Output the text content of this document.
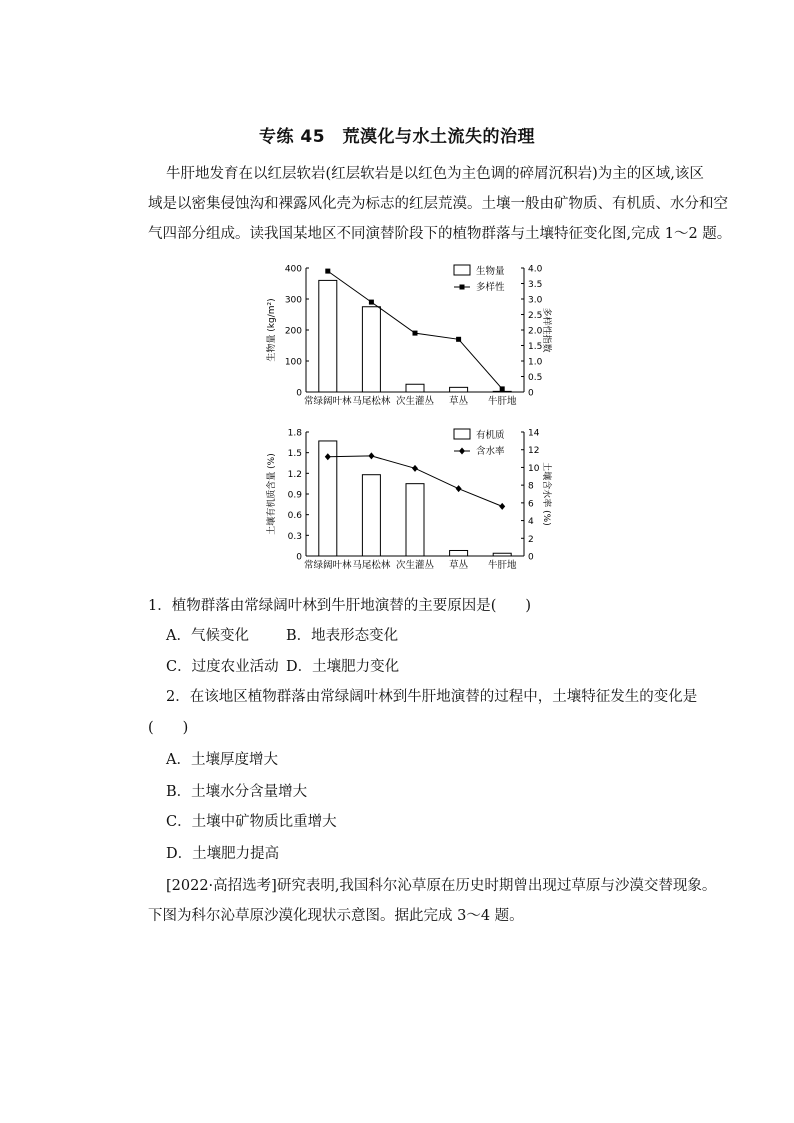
专练 45　荒漠化与水土流失的治理
牛肝地发育在以红层软岩(红层软岩是以红色为主色调的碎屑沉积岩)为主的区域,该区
域是以密集侵蚀沟和裸露风化壳为标志的红层荒漠。土壤一般由矿物质、有机质、水分和空
气四部分组成。读我国某地区不同演替阶段下的植物群落与土壤特征变化图,完成 1～2 题。
400
300
200
100
0
4.0
3.5
3.0
2.5
2.0
1.5
1.0
0.5
0
生物量 (kg/m²)	多样性指数
常绿阔叶林 马尾松林 次生灌丛 草丛 牛肝地
生物量
多样性
1.8
1.5
1.2
0.9
0.6
0.3
0
14
12
10
8
6
4
2
0
土壤有机质含量 (%)	土壤含水率 (%)
常绿阔叶林 马尾松林 次生灌丛 草丛 牛肝地
有机质
含水率
1．植物群落由常绿阔叶林到牛肝地演替的主要原因是(　　)
A．气候变化	B．地表形态变化
C．过度农业活动 D．土壤肥力变化
2．在该地区植物群落由常绿阔叶林到牛肝地演替的过程中，土壤特征发生的变化是
(　　)
A．土壤厚度增大
B．土壤水分含量增大
C．土壤中矿物质比重增大
D．土壤肥力提高
[2022·高招选考]研究表明,我国科尔沁草原在历史时期曾出现过草原与沙漠交替现象。
下图为科尔沁草原沙漠化现状示意图。据此完成 3～4 题。
